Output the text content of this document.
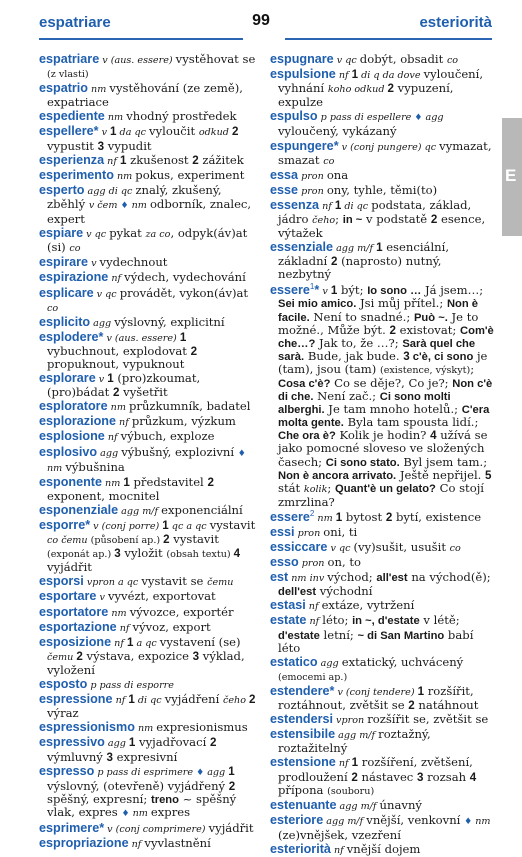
espatriare	99	esteriorità
E
espatriare v (aus. essere) vystěhovat se (z vlasti)
espatrio nm vystěhování (ze země), expatriace
espediente nm vhodný prostředek
espellere* v 1 da qc vyloučit odkud 2 vypustit 3 vypudit
esperienza nf 1 zkušenost 2 zážitek
esperimento nm pokus, experiment
esperto agg di qc znalý, zkušený, zběhlý v čem ♦ nm odborník, znalec, expert
espiare v qc pykat za co, odpyk(áv)at (si) co
espirare v vydechnout
espirazione nf výdech, vydechování
esplicare v qc provádět, vykon(áv)at co
esplicito agg výslovný, explicitní
esplodere* v (aus. essere) 1 vybuchnout, explodovat 2 propuknout, vypuknout
esplorare v 1 (pro)zkoumat, (pro)bádat 2 vyšetřit
esploratore nm průzkumník, badatel
esplorazione nf průzkum, výzkum
esplosione nf výbuch, exploze
esplosivo agg výbušný, explozivní ♦ nm výbušnina
esponente nm 1 představitel 2 exponent, mocnitel
esponenziale agg m/f exponenciální
esporre* v (conj porre) 1 qc a qc vystavit co čemu (působení ap.) 2 vystavit (exponát ap.) 3 vyložit (obsah textu) 4 vyjádřit
esporsi vpron a qc vystavit se čemu
esportare v vyvézt, exportovat
esportatore nm vývozce, exportér
esportazione nf vývoz, export
esposizione nf 1 a qc vystavení (se) čemu 2 výstava, expozice 3 výklad, vyložení
esposto p pass di esporre
espressione nf 1 di qc vyjádření čeho 2 výraz
espressionismo nm expresionismus
espressivo agg 1 vyjadřovací 2 výmluvný 3 expresivní
espresso p pass di esprimere ♦ agg 1 výslovný, (otevřeně) vyjádřený 2 spěšný, expresní; treno ~ spěšný vlak, expres ♦ nm expres
esprimere* v (conj comprimere) vyjádřit
espropriazione nf vyvlastnění
espugnare v qc dobýt, obsadit co
espulsione nf 1 di q da dove vyloučení, vyhnání koho odkud 2 vypuzení, expulze
espulso p pass di espellere ♦ agg vyloučený, vykázaný
espungere* v (conj pungere) qc vymazat, smazat co
essa pron ona
esse pron ony, tyhle, těmi(to)
essenza nf 1 di qc podstata, základ, jádro čeho; in ~ v podstatě 2 esence, výtažek
essenziale agg m/f 1 esenciální, základní 2 (naprosto) nutný, nezbytný
essere$^1$* v 1 být; Io sono … Já jsem…; Sei mio amico. Jsi můj přítel.; Non è facile. Není to snadné.; Può ~. Je to možné., Může být. 2 existovat; Com'è che…? Jak to, že …?; Sarà quel che sarà. Bude, jak bude. 3 c'è, ci sono je (tam), jsou (tam) (existence, výskyt); Cosa c'è? Co se děje?, Co je?; Non c'è di che. Není zač.; Ci sono molti alberghi. Je tam mnoho hotelů.; C'era molta gente. Byla tam spousta lidí.; Che ora è? Kolik je hodin? 4 užívá se jako pomocné sloveso ve složených časech; Ci sono stato. Byl jsem tam.; Non è ancora arrivato. Ještě nepřijel. 5 stát kolik; Quant'è un gelato? Co stojí zmrzlina?
essere$^2$ nm 1 bytost 2 bytí, existence
essi pron oni, ti
essiccare v qc (vy)sušit, usušit co
esso pron on, to
est nm inv východ; all'est na východ(ě); dell'est východní
estasi nf extáze, vytržení
estate nf léto; in ~, d'estate v létě; d'estate letní; ~ di San Martino babí léto
estatico agg extatický, uchvácený (emocemi ap.)
estendere* v (conj tendere) 1 rozšířit, roztáhnout, zvětšit se 2 natáhnout
estendersi vpron rozšířit se, zvětšit se
estensibile agg m/f roztažný, roztažitelný
estensione nf 1 rozšíření, zvětšení, prodloužení 2 nástavec 3 rozsah 4 přípona (souboru)
estenuante agg m/f únavný
esteriore agg m/f vnější, venkovní ♦ nm (ze)vnějšek, vzezření
esteriorità nf vnější dojem
